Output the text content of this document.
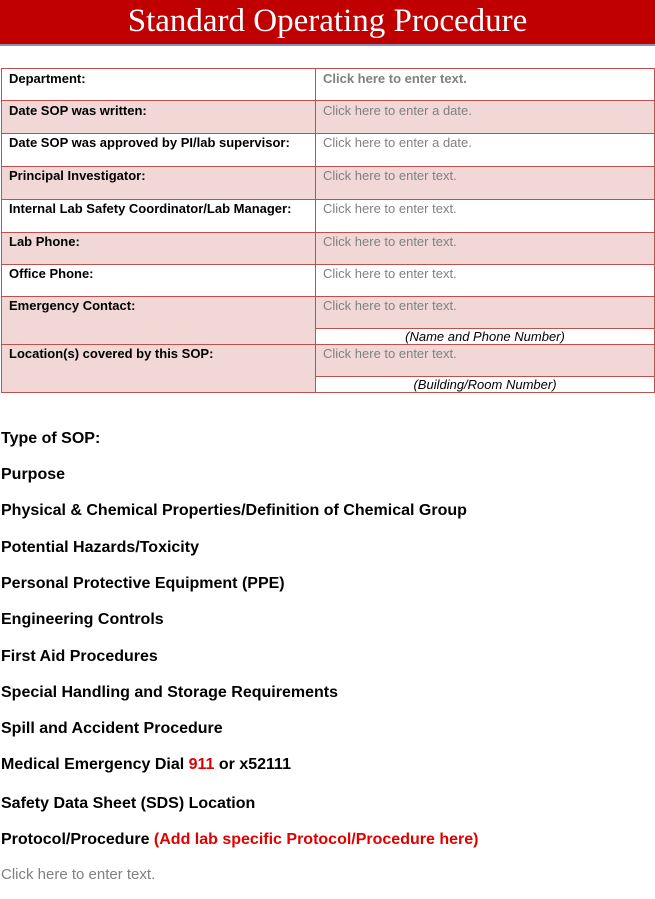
Standard Operating Procedure
Department:	Click here to enter text.
Date SOP was written:	Click here to enter a date.
Date SOP was approved by PI/lab supervisor:	Click here to enter a date.
Principal Investigator:	Click here to enter text.
Internal Lab Safety Coordinator/Lab Manager:	Click here to enter text.
Lab Phone:	Click here to enter text.
Office Phone:	Click here to enter text.
Emergency Contact:	Click here to enter text.
	(Name and Phone Number)
Location(s) covered by this SOP:	Click here to enter text.
	(Building/Room Number)
Type of SOP:
Purpose
Physical & Chemical Properties/Definition of Chemical Group
Potential Hazards/Toxicity
Personal Protective Equipment (PPE)
Engineering Controls
First Aid Procedures
Special Handling and Storage Requirements
Spill and Accident Procedure
Medical Emergency Dial 911 or x52111
Safety Data Sheet (SDS) Location
Protocol/Procedure (Add lab specific Protocol/Procedure here)
Click here to enter text.
